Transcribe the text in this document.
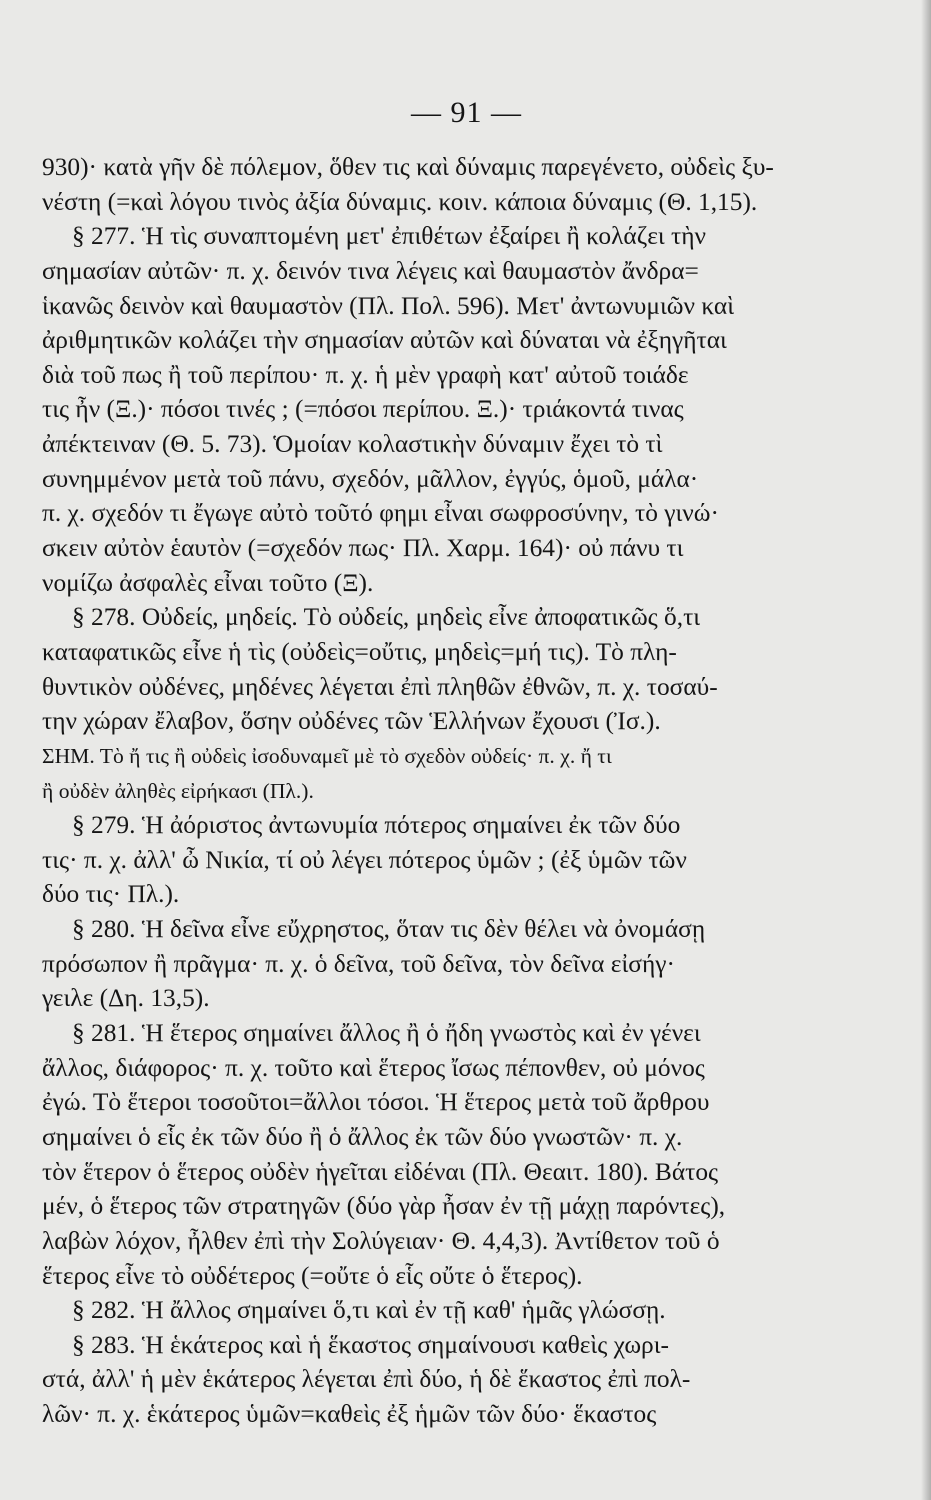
— 91 —
930)· κατὰ γῆν δὲ πόλεμον, ὅθεν τις καὶ δύναμις παρεγένετο, οὐδεὶς ξυ-
νέστη (=καὶ λόγου τινὸς ἀξία δύναμις. κοιν. κάποια δύναμις (Θ. 1,15).
§ 277. Ἡ τὶς συναπτομένη μετ' ἐπιθέτων ἐξαίρει ἢ κολάζει τὴν
σημασίαν αὐτῶν· π. χ. δεινόν τινα λέγεις καὶ θαυμαστὸν ἄνδρα=
ἱκανῶς δεινὸν καὶ θαυμαστὸν (Πλ. Πολ. 596). Μετ' ἀντωνυμιῶν καὶ
ἀριθμητικῶν κολάζει τὴν σημασίαν αὐτῶν καὶ δύναται νὰ ἐξηγῆται
διὰ τοῦ πως ἢ τοῦ περίπου· π. χ. ἡ μὲν γραφὴ κατ' αὐτοῦ τοιάδε
τις ἦν (Ξ.)· πόσοι τινές ; (=πόσοι περίπου. Ξ.)· τριάκοντά τινας
ἀπέκτειναν (Θ. 5. 73). Ὁμοίαν κολαστικὴν δύναμιν ἔχει τὸ τὶ
συνημμένον μετὰ τοῦ πάνυ, σχεδόν, μᾶλλον, ἐγγύς, ὁμοῦ, μάλα·
π. χ. σχεδόν τι ἔγωγε αὐτὸ τοῦτό φημι εἶναι σωφροσύνην, τὸ γινώ·
σκειν αὐτὸν ἑαυτὸν (=σχεδόν πως· Πλ. Χαρμ. 164)· οὐ πάνυ τι
νομίζω ἀσφαλὲς εἶναι τοῦτο (Ξ).
§ 278. Οὐδείς, μηδείς. Τὸ οὐδείς, μηδεὶς εἶνε ἀποφατικῶς ὅ,τι
καταφατικῶς εἶνε ἡ τὶς (οὐδεὶς=οὔτις, μηδεὶς=μή τις). Τὸ πλη-
θυντικὸν οὐδένες, μηδένες λέγεται ἐπὶ πληθῶν ἐθνῶν, π. χ. τοσαύ-
την χώραν ἔλαβον, ὅσην οὐδένες τῶν Ἑλλήνων ἔχουσι (Ἰσ.).
ΣΗΜ. Τὸ ἤ τις ἢ οὐδεὶς ἰσοδυναμεῖ μὲ τὸ σχεδὸν οὐδείς· π. χ. ἤ τι
ἢ οὐδὲν ἀληθὲς εἰρήκασι (Πλ.).
§ 279. Ἡ ἀόριστος ἀντωνυμία πότερος σημαίνει ἐκ τῶν δύο
τις· π. χ. ἀλλ' ὦ Νικία, τί οὐ λέγει πότερος ὑμῶν ; (ἐξ ὑμῶν τῶν
δύο τις· Πλ.).
§ 280. Ἡ δεῖνα εἶνε εὔχρηστος, ὅταν τις δὲν θέλει νὰ ὀνομάσῃ
πρόσωπον ἢ πρᾶγμα· π. χ. ὁ δεῖνα, τοῦ δεῖνα, τὸν δεῖνα εἰσήγ·
γειλε (Δη. 13,5).
§ 281. Ἡ ἕτερος σημαίνει ἄλλος ἢ ὁ ἤδη γνωστὸς καὶ ἐν γένει
ἄλλος, διάφορος· π. χ. τοῦτο καὶ ἕτερος ἴσως πέπονθεν, οὐ μόνος
ἐγώ. Τὸ ἕτεροι τοσοῦτοι=ἄλλοι τόσοι. Ἡ ἕτερος μετὰ τοῦ ἄρθρου
σημαίνει ὁ εἷς ἐκ τῶν δύο ἢ ὁ ἄλλος ἐκ τῶν δύο γνωστῶν· π. χ.
τὸν ἕτερον ὁ ἕτερος οὐδὲν ἡγεῖται εἰδέναι (Πλ. Θεαιτ. 180). Βάτος
μέν, ὁ ἕτερος τῶν στρατηγῶν (δύο γὰρ ἦσαν ἐν τῇ μάχῃ παρόντες),
λαβὼν λόχον, ἦλθεν ἐπὶ τὴν Σολύγειαν· Θ. 4,4,3). Ἀντίθετον τοῦ ὁ
ἕτερος εἶνε τὸ οὐδέτερος (=οὔτε ὁ εἷς οὔτε ὁ ἕτερος).
§ 282. Ἡ ἄλλος σημαίνει ὅ,τι καὶ ἐν τῇ καθ' ἡμᾶς γλώσσῃ.
§ 283. Ἡ ἑκάτερος καὶ ἡ ἕκαστος σημαίνουσι καθεὶς χωρι-
στά, ἀλλ' ἡ μὲν ἑκάτερος λέγεται ἐπὶ δύο, ἡ δὲ ἕκαστος ἐπὶ πολ-
λῶν· π. χ. ἑκάτερος ὑμῶν=καθεὶς ἐξ ἡμῶν τῶν δύο· ἕκαστος
